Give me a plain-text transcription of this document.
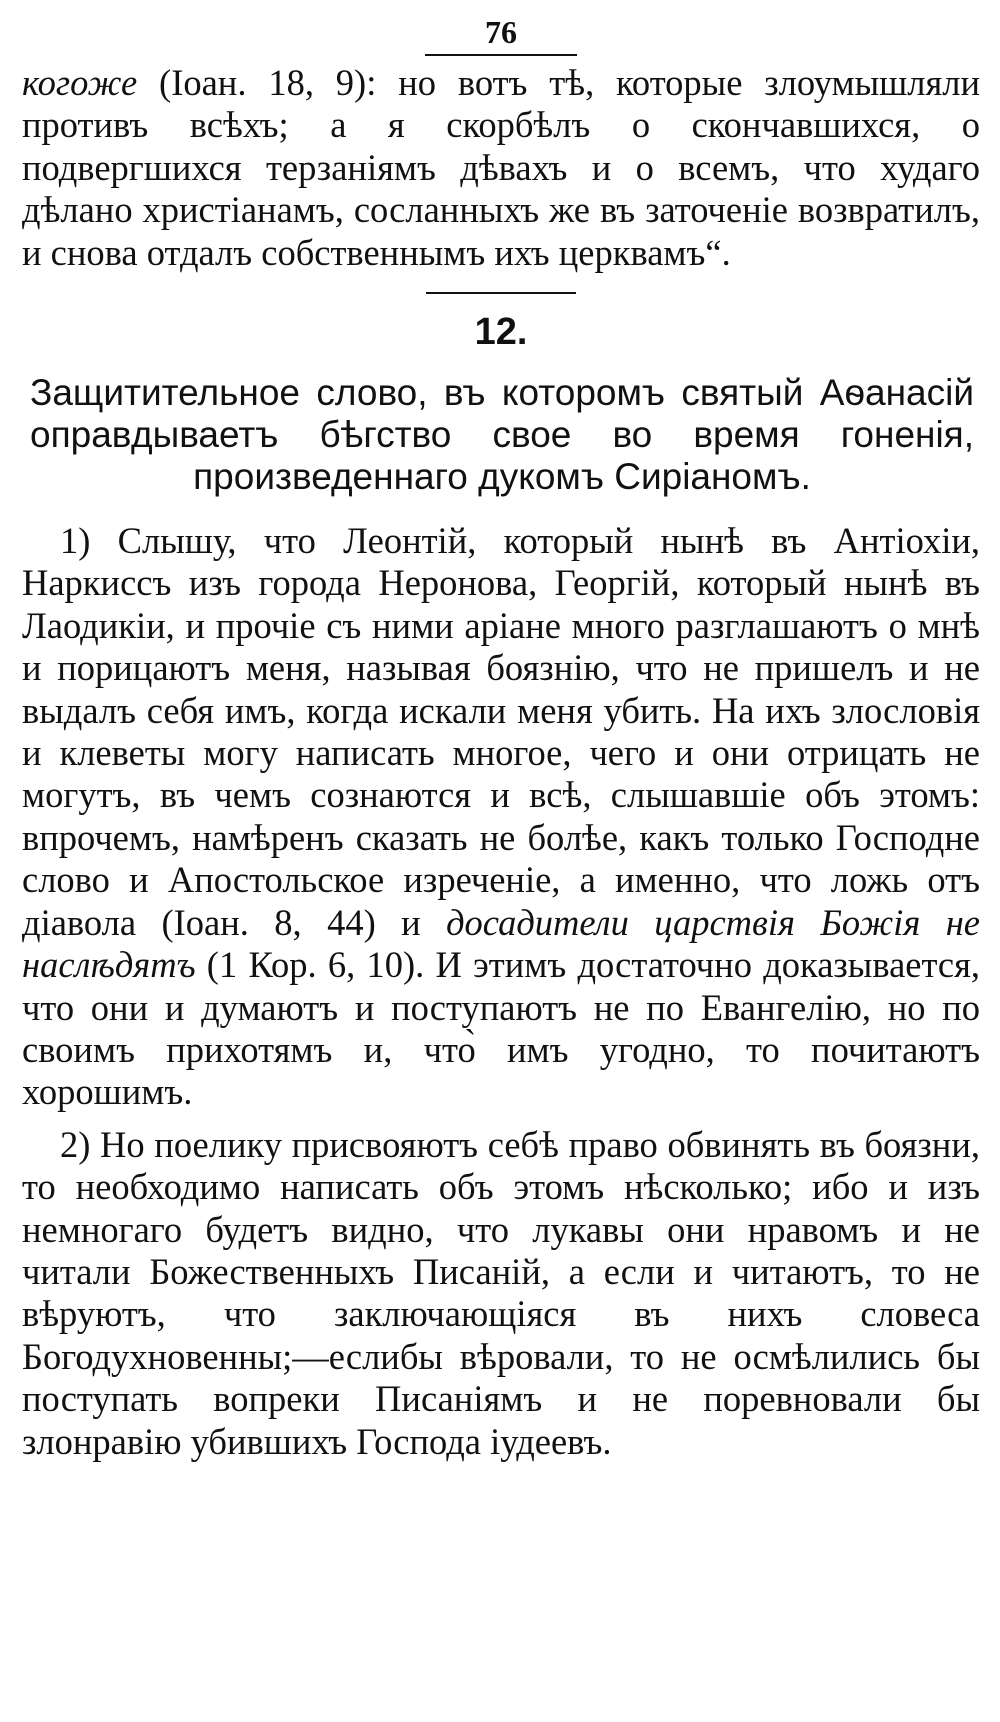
76

когоже (Іоан. 18, 9): но вотъ тѣ, которые злоумышляли противъ всѣхъ; а я скорбѣлъ о скончавшихся, о подвергшихся терзаніямъ дѣвахъ и о всемъ, что худаго дѣлано христіанамъ, сосланныхъ же въ заточеніе возвратилъ, и снова отдалъ собственнымъ ихъ церквамъ“.

12.
Защитительное слово, въ которомъ святый Аѳанасій оправдываетъ бѣгство свое во время гоненія, произведеннаго дукомъ Сиріаномъ.

1) Слышу, что Леонтій, который нынѣ въ Антіохіи, Наркиссъ изъ города Неронова, Георгій, который нынѣ въ Лаодикіи, и прочіе съ ними аріане много разглашаютъ о мнѣ и порицаютъ меня, называя боязнію, что не пришелъ и не выдалъ себя имъ, когда искали меня убить. На ихъ злословія и клеветы могу написать многое, чего и они отрицать не могутъ, въ чемъ сознаются и всѣ, слышавшіе объ этомъ: впрочемъ, намѣренъ сказать не болѣе, какъ только Господне слово и Апостольское изреченіе, а именно, что ложь отъ діавола (Іоан. 8, 44) и досадители царствія Божія не наслѣдятъ (1 Кор. 6, 10). И этимъ достаточно доказывается, что они и думаютъ и поступаютъ не по Евангелію, но по своимъ прихотямъ и, что̀ имъ угодно, то почитаютъ хорошимъ.

2) Но поелику присвояютъ себѣ право обвинять въ боязни, то необходимо написать объ этомъ нѣсколько; ибо и изъ немногаго будетъ видно, что лукавы они нравомъ и не читали Божественныхъ Писаній, а если и читаютъ, то не вѣруютъ, что заключающіяся въ нихъ словеса Богодухновенны;—еслибы вѣровали, то не осмѣлились бы поступать вопреки Писаніямъ и не поревновали бы злонравію убившихъ Господа іудеевъ.
